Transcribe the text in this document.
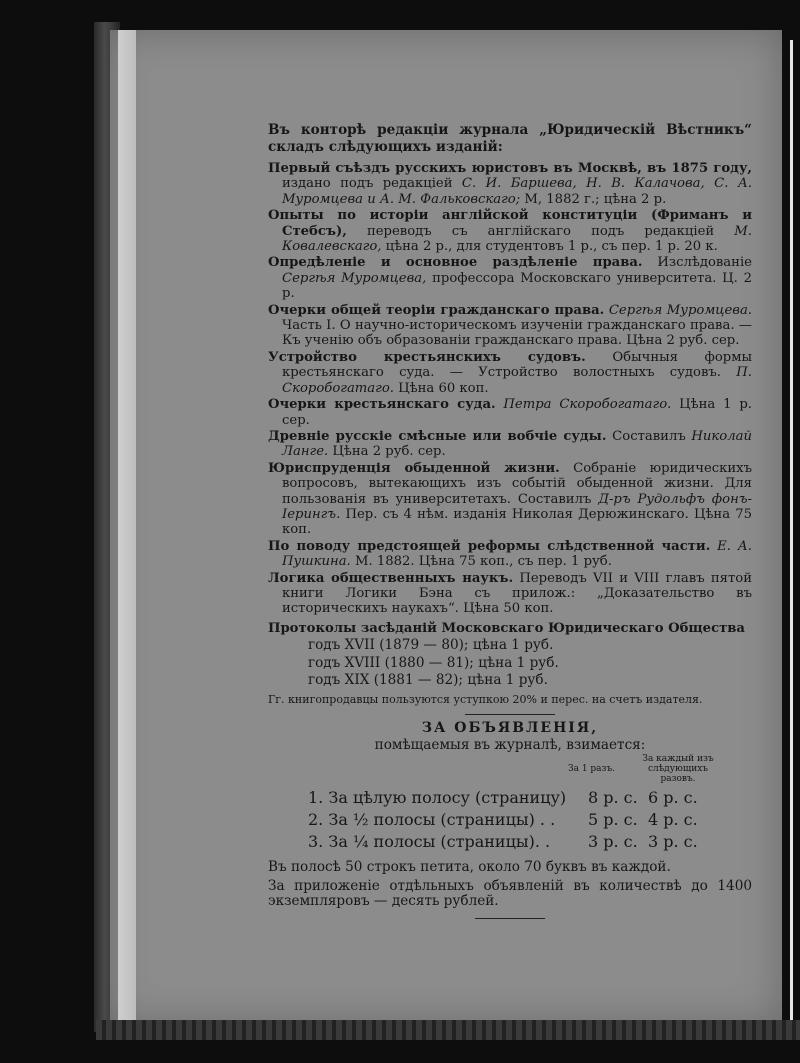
Въ конторѣ редакціи журнала „Юридическій Вѣстникъ“ складъ слѣдующихъ изданій:
Первый съѣздъ русскихъ юристовъ въ Москвѣ, въ 1875 году, издано подъ редакціей С. И. Баршева, Н. В. Калачова, С. А. Муромцева и А. М. Фальковскаго; М, 1882 г.; цѣна 2 р.
Опыты по исторіи англійской конституціи (Фриманъ и Стебсъ), переводъ съ англійскаго подъ редакціей М. Ковалевскаго, цѣна 2 р., для студентовъ 1 р., съ пер. 1 р. 20 к.
Опредѣленіе и основное раздѣленіе права. Изслѣдованіе Сергѣя Муромцева, профессора Московскаго университета. Ц. 2 р.
Очерки общей теоріи гражданскаго права. Сергѣя Муромцева. Часть I. О научно-историческомъ изученіи гражданскаго права. — Къ ученію объ образованіи гражданскаго права. Цѣна 2 руб. сер.
Устройство крестьянскихъ судовъ. Обычныя формы крестьянскаго суда. — Устройство волостныхъ судовъ. П. Скоробогатаго. Цѣна 60 коп.
Очерки крестьянскаго суда. Петра Скоробогатаго. Цѣна 1 р. сер.
Древніе русскіе смѣсные или вобчіе суды. Составилъ Николай Ланге. Цѣна 2 руб. сер.
Юриспруденція обыденной жизни. Собраніе юридическихъ вопросовъ, вытекающихъ изъ событій обыденной жизни. Для пользованія въ университетахъ. Составилъ Д-ръ Рудольфъ фонъ-Іерингъ. Пер. съ 4 нѣм. изданія Николая Дерюжинскаго. Цѣна 75 коп.
По поводу предстоящей реформы слѣдственной части. Е. А. Пушкина. М. 1882. Цѣна 75 коп., съ пер. 1 руб.
Логика общественныхъ наукъ. Переводъ VII и VIII главъ пятой книги Логики Бэна съ прилож.: „Доказательство въ историческихъ наукахъ“. Цѣна 50 коп.
Протоколы засѣданій Московскаго Юридическаго Общества
годъ XVII (1879 — 80); цѣна 1 руб.
годъ XVIII (1880 — 81); цѣна 1 руб.
годъ XIX (1881 — 82); цѣна 1 руб.
Гг. книгопродавцы пользуются уступкою 20% и перес. на счетъ издателя.
ЗА ОБЪЯВЛЕНІЯ,
помѣщаемыя въ журналѣ, взимается:
За 1 разъ.
За каждый изъ слѣдующихъ разовъ.
1. За цѣлую полосу (страницу) 8 р. с. 6 р. с.
2. За ½ полосы (страницы) . . 5 р. с. 4 р. с.
3. За ¼ полосы (страницы). . 3 р. с. 3 р. с.
Въ полосѣ 50 строкъ петита, около 70 буквъ въ каждой.
За приложеніе отдѣльныхъ объявленій въ количествѣ до 1400 экземпляровъ — десять рублей.
